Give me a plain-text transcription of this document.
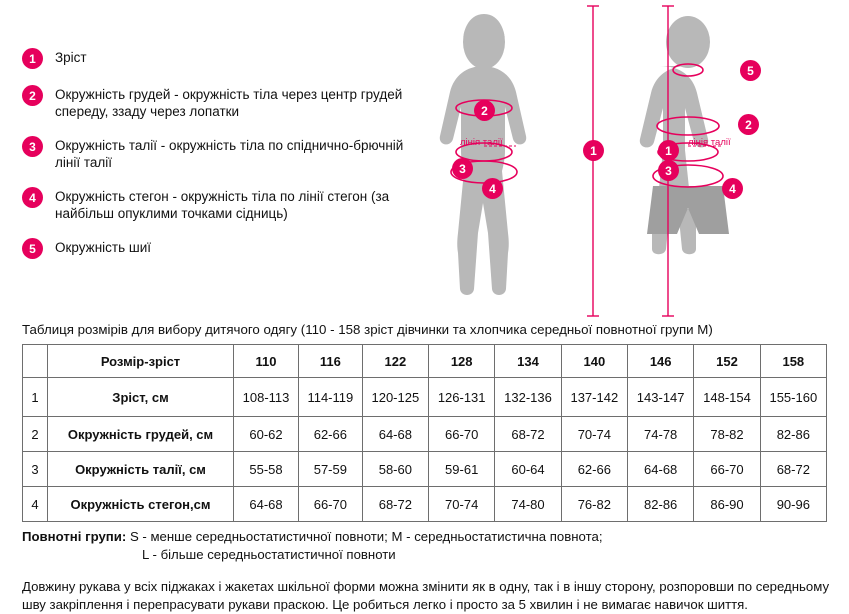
1	Зріст
2	Окружність грудей - окружність тіла через центр грудей спереду, ззаду через лопатки
3	Окружність талії - окружність тіла по спіднично-брючній лінії талії
4	Окружність стегон - окружність тіла по лінії стегон (за найбільш опуклими точками сідниць)
5	Окружність шиї
2
3
4
1
лінія талії
5
2
3
4
1
лінія талії
Таблиця розмірів для вибору дитячого одягу (110 - 158 зріст дівчинки та хлопчика середньої повнотної групи М)
	Розмір-зріст	110	116	122	128	134	140	146	152	158
1	Зріст, см	108-113	114-119	120-125	126-131	132-136	137-142	143-147	148-154	155-160
2	Окружність грудей, см	60-62	62-66	64-68	66-70	68-72	70-74	74-78	78-82	82-86
3	Окружність талії, см	55-58	57-59	58-60	59-61	60-64	62-66	64-68	66-70	68-72
4	Окружність стегон,см	64-68	66-70	68-72	70-74	74-80	76-82	82-86	86-90	90-96
Повнотні групи: S - менше середньостатистичної повноти; М - середньостатистична повнота;
L - більше середньостатистичної повноти
Довжину рукава у всіх піджаках і жакетах шкільної форми можна змінити як в одну, так і в іншу сторону, розпоровши по середньому шву закріплення і перепрасувати рукави праскою. Це робиться легко і просто за 5 хвилин і не вимагає навичок шиття.
